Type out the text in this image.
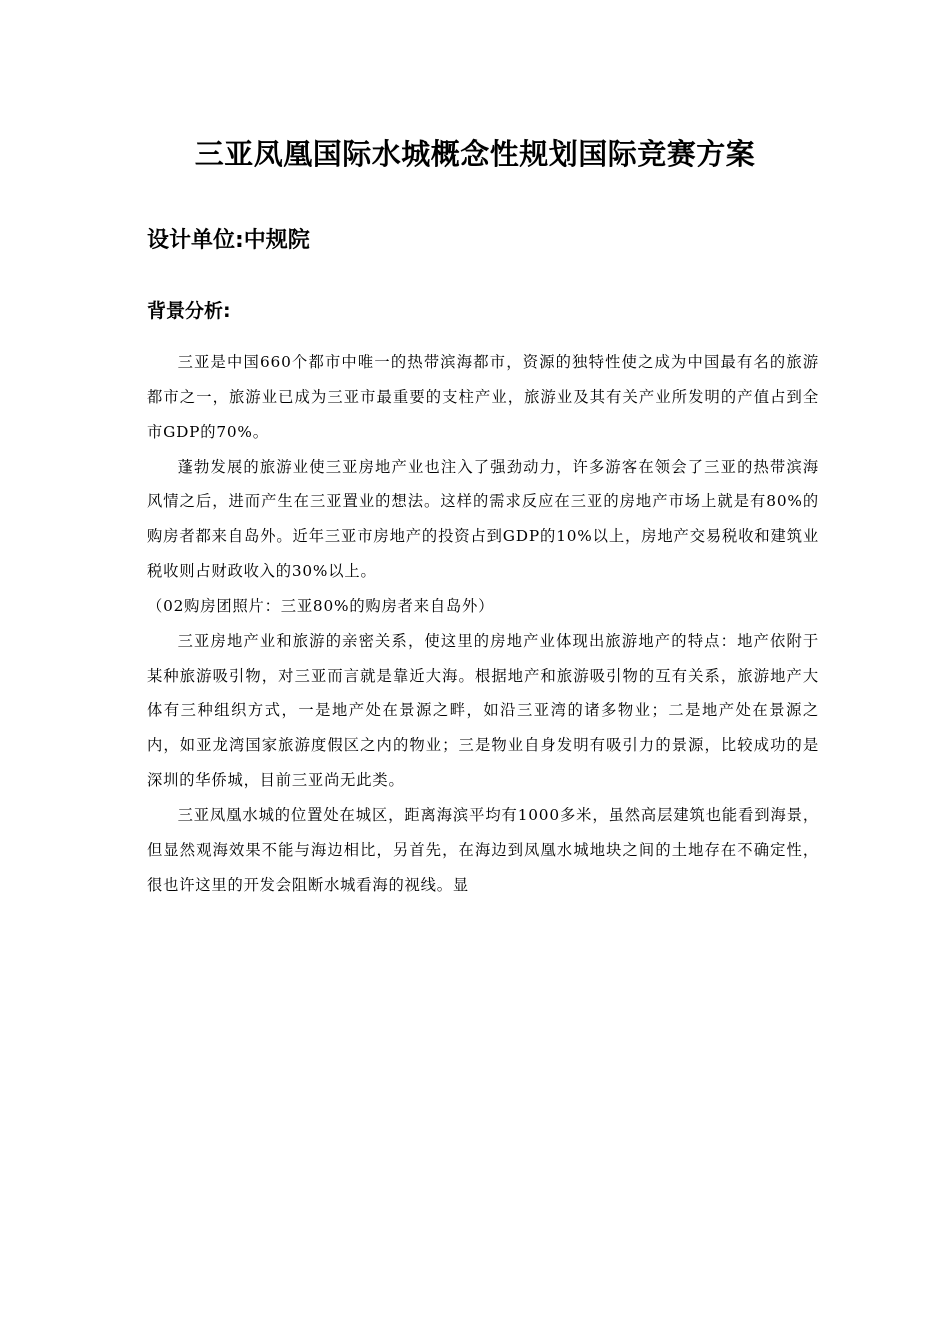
三亚凤凰国际水城概念性规划国际竞赛方案
设计单位:中规院
背景分析:

三亚是中国660个都市中唯一的热带滨海都市，资源的独特性使之成为中国最有名的旅游都市之一，旅游业已成为三亚市最重要的支柱产业，旅游业及其有关产业所发明的产值占到全市GDP的70%。

蓬勃发展的旅游业使三亚房地产业也注入了强劲动力，许多游客在领会了三亚的热带滨海风情之后，进而产生在三亚置业的想法。这样的需求反应在三亚的房地产市场上就是有80%的购房者都来自岛外。近年三亚市房地产的投资占到GDP的10%以上，房地产交易税收和建筑业税收则占财政收入的30%以上。

（02购房团照片：三亚80%的购房者来自岛外）

三亚房地产业和旅游的亲密关系，使这里的房地产业体现出旅游地产的特点：地产依附于某种旅游吸引物，对三亚而言就是靠近大海。根据地产和旅游吸引物的互有关系，旅游地产大体有三种组织方式，一是地产处在景源之畔，如沿三亚湾的诸多物业；二是地产处在景源之内，如亚龙湾国家旅游度假区之内的物业；三是物业自身发明有吸引力的景源，比较成功的是深圳的华侨城，目前三亚尚无此类。

三亚凤凰水城的位置处在城区，距离海滨平均有1000多米，虽然高层建筑也能看到海景，但显然观海效果不能与海边相比，另首先，在海边到凤凰水城地块之间的土地存在不确定性，很也许这里的开发会阻断水城看海的视线。显
